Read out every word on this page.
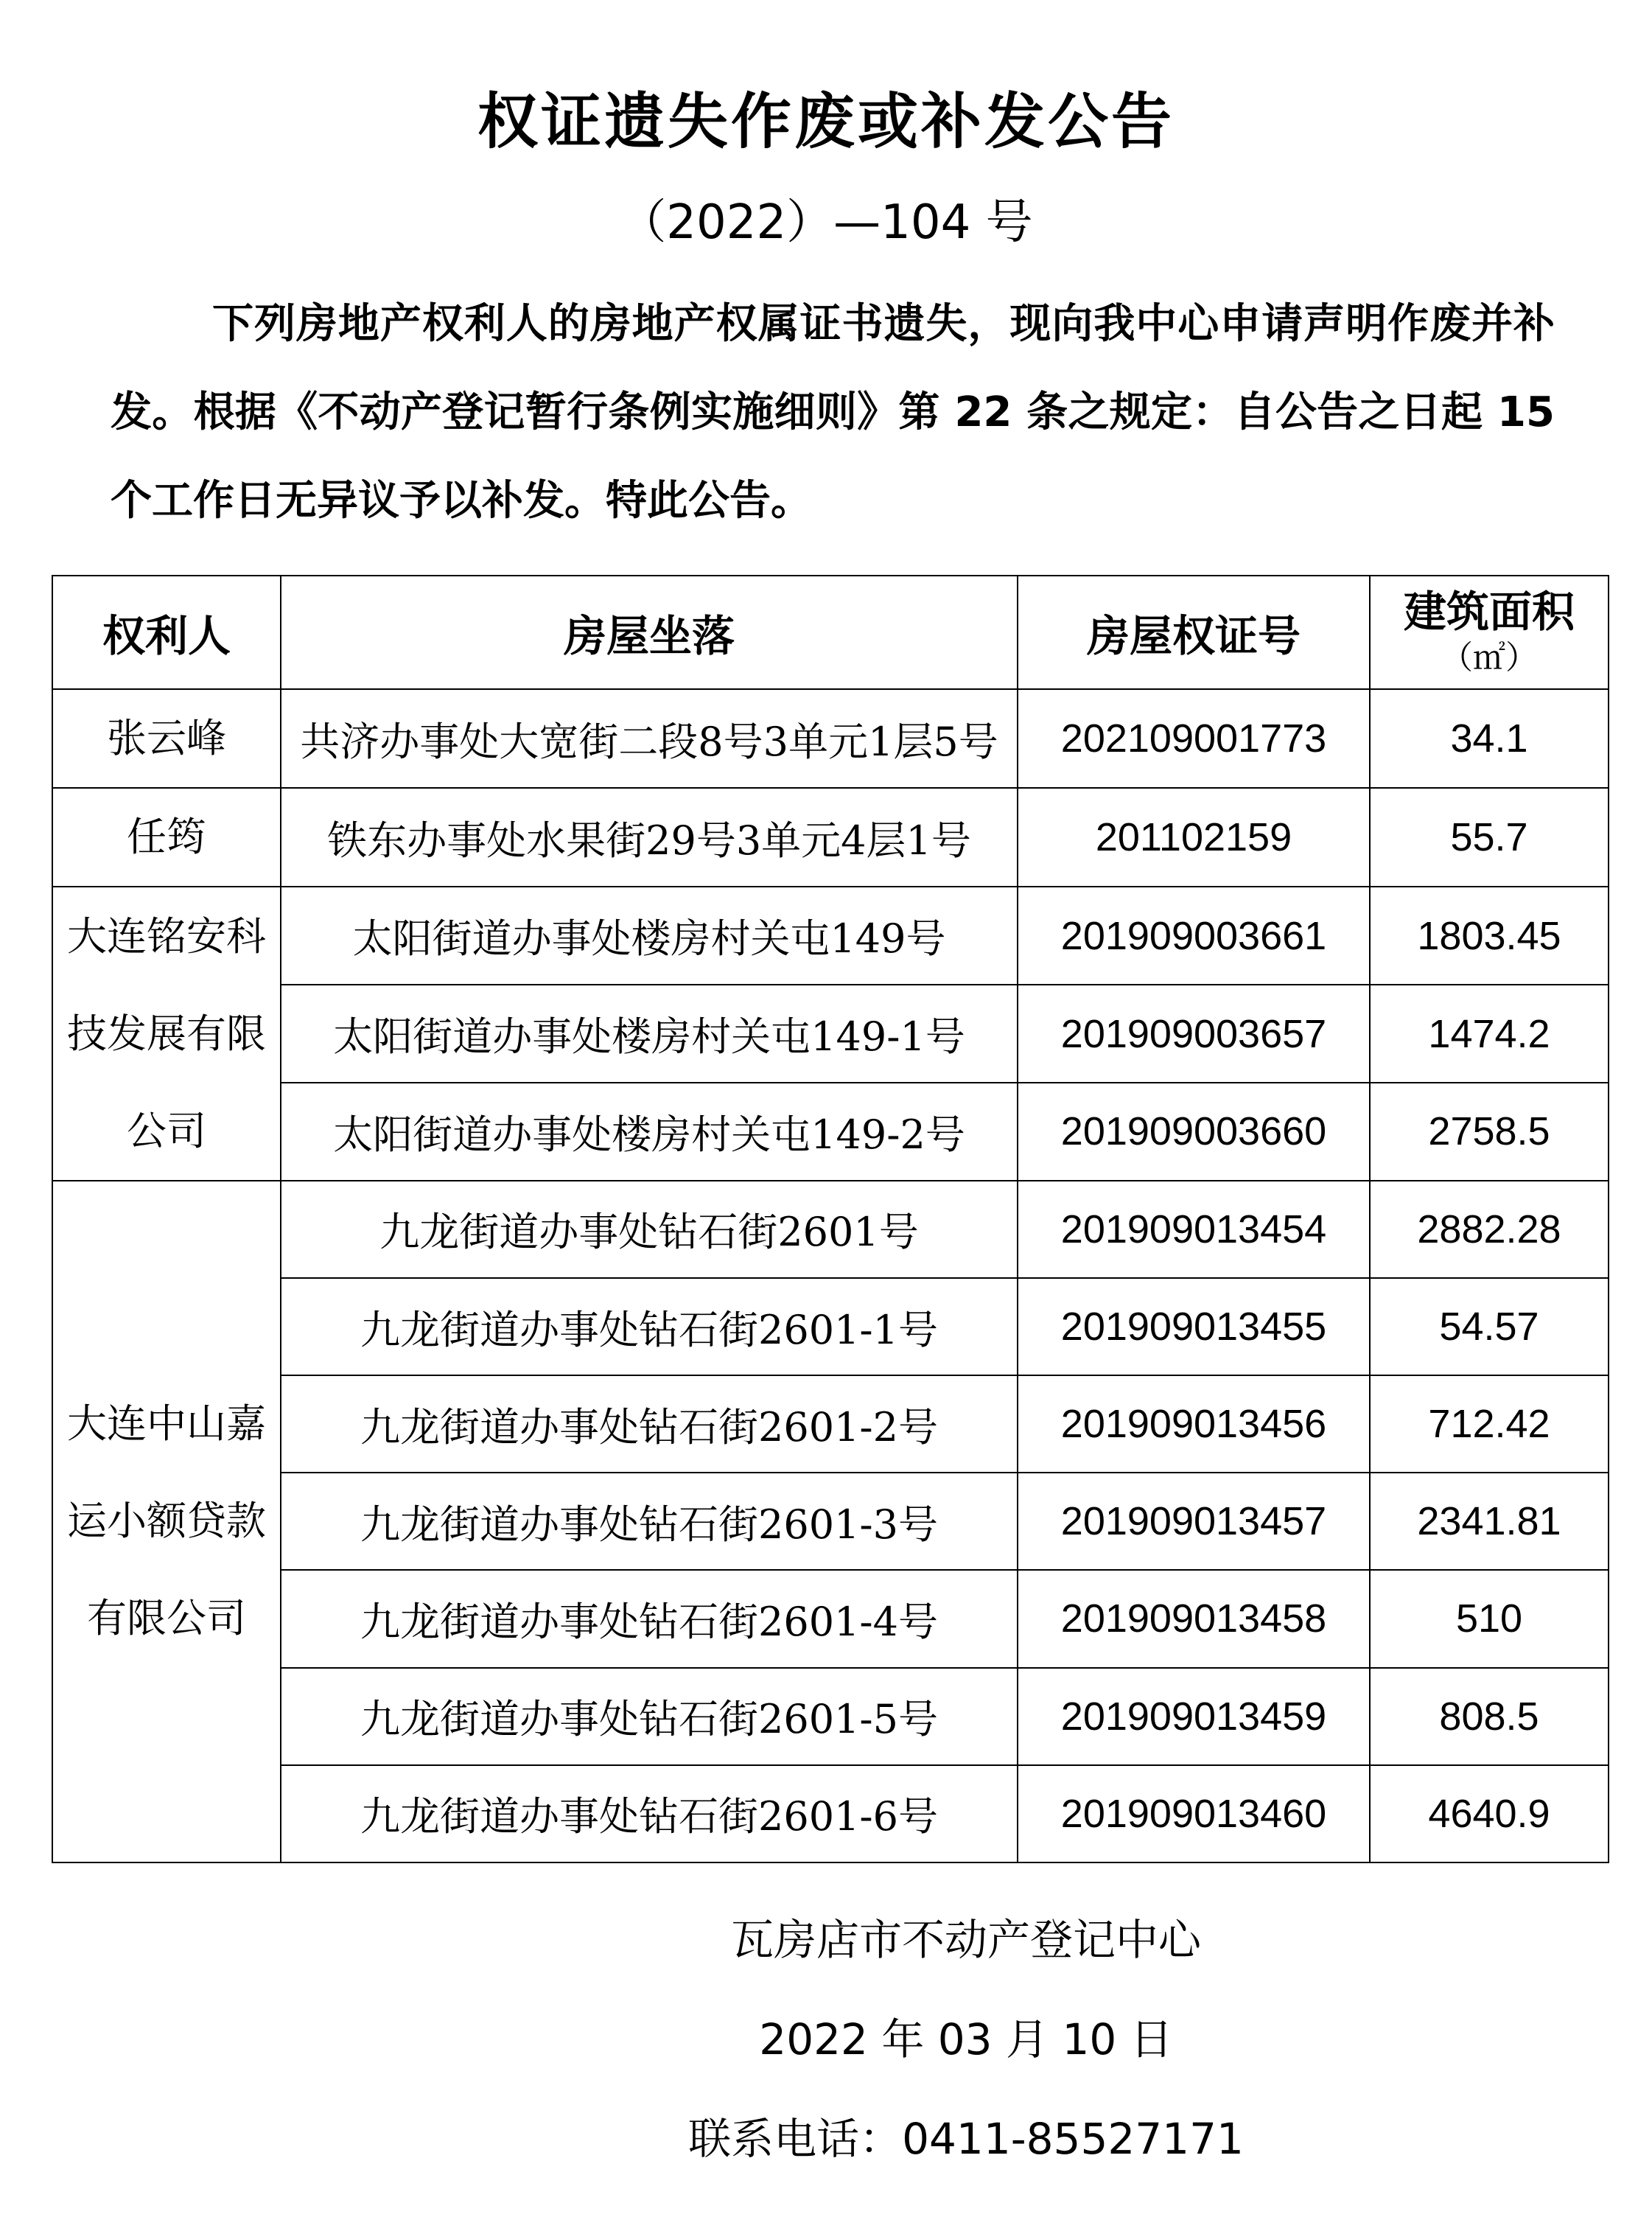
权证遗失作废或补发公告
（2022）—104 号
下列房地产权利人的房地产权属证书遗失，现向我中心申请声明作废并补发。根据《不动产登记暂行条例实施细则》第 22 条之规定：自公告之日起 15 个工作日无异议予以补发。特此公告。
权利人	房屋坐落	房屋权证号	建筑面积
（㎡）

张云峰	共济办事处大宽街二段8号3单元1层5号	202109001773	34.1
任筠	铁东办事处水果街29号3单元4层1号	201102159	55.7
大连铭安科技发展有限公司	太阳街道办事处楼房村关屯149号	201909003661	1803.45
	太阳街道办事处楼房村关屯149-1号	201909003657	1474.2
	太阳街道办事处楼房村关屯149-2号	201909003660	2758.5
大连中山嘉运小额贷款有限公司	九龙街道办事处钻石街2601号	201909013454	2882.28
	九龙街道办事处钻石街2601-1号	201909013455	54.57
	九龙街道办事处钻石街2601-2号	201909013456	712.42
	九龙街道办事处钻石街2601-3号	201909013457	2341.81
	九龙街道办事处钻石街2601-4号	201909013458	510
	九龙街道办事处钻石街2601-5号	201909013459	808.5
	九龙街道办事处钻石街2601-6号	201909013460	4640.9
瓦房店市不动产登记中心
2022 年 03 月 10 日
联系电话：0411-85527171
